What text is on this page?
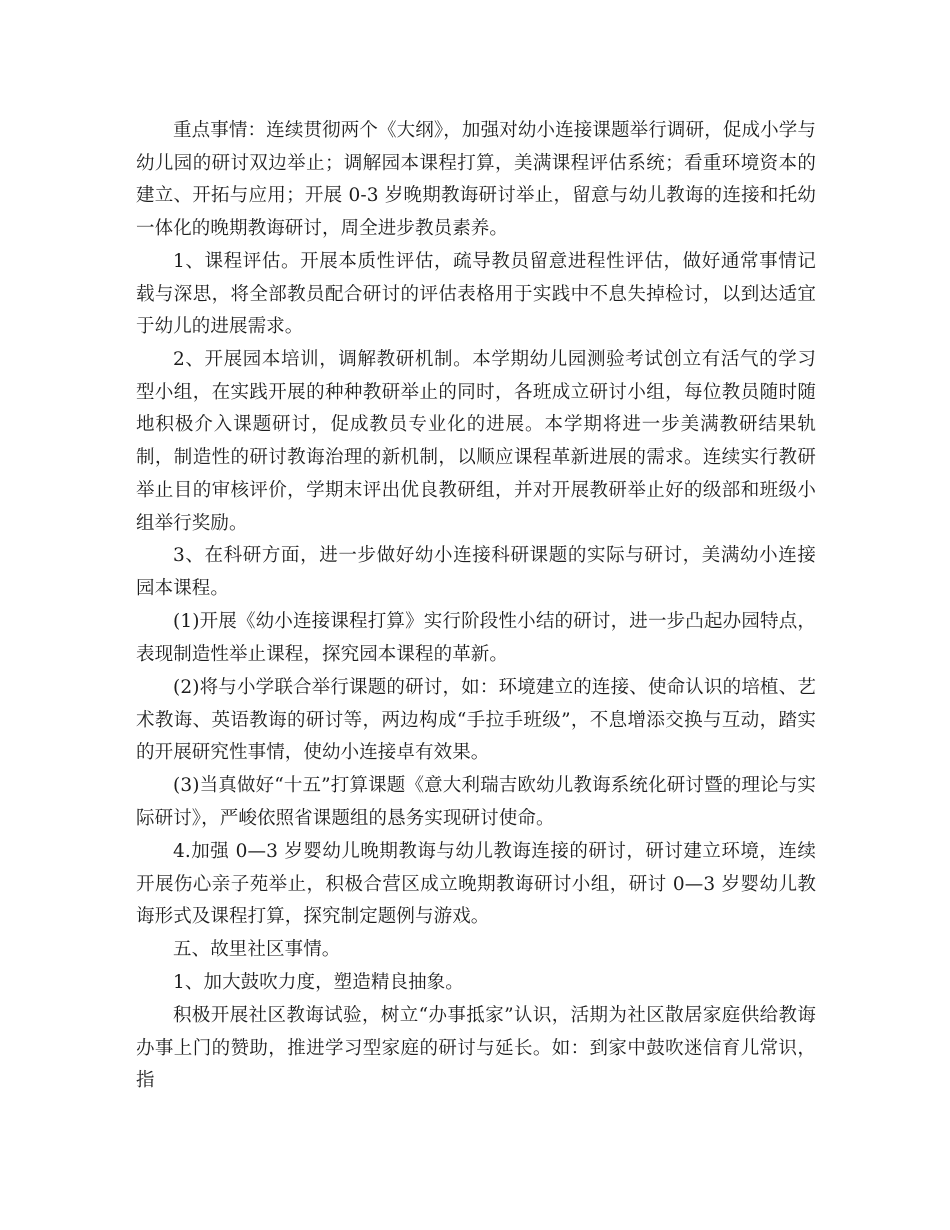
重点事情：连续贯彻两个《大纲》，加强对幼小连接课题举行调研，促成小学与幼儿园的研讨双边举止；调解园本课程打算，美满课程评估系统；看重环境资本的建立、开拓与应用；开展 0-3 岁晚期教诲研讨举止，留意与幼儿教诲的连接和托幼一体化的晚期教诲研讨，周全进步教员素养。

1、课程评估。开展本质性评估，疏导教员留意进程性评估，做好通常事情记载与深思，将全部教员配合研讨的评估表格用于实践中不息失掉检讨，以到达适宜于幼儿的进展需求。

2、开展园本培训，调解教研机制。本学期幼儿园测验考试创立有活气的学习型小组，在实践开展的种种教研举止的同时，各班成立研讨小组，每位教员随时随地积极介入课题研讨，促成教员专业化的进展。本学期将进一步美满教研结果轨制，制造性的研讨教诲治理的新机制，以顺应课程革新进展的需求。连续实行教研举止目的审核评价，学期末评出优良教研组，并对开展教研举止好的级部和班级小组举行奖励。

3、在科研方面，进一步做好幼小连接科研课题的实际与研讨，美满幼小连接园本课程。

(1)开展《幼小连接课程打算》实行阶段性小结的研讨，进一步凸起办园特点，表现制造性举止课程，探究园本课程的革新。

(2)将与小学联合举行课题的研讨，如：环境建立的连接、使命认识的培植、艺术教诲、英语教诲的研讨等，两边构成“手拉手班级”，不息增添交换与互动，踏实的开展研究性事情，使幼小连接卓有效果。

(3)当真做好“十五”打算课题《意大利瑞吉欧幼儿教诲系统化研讨暨的理论与实际研讨》，严峻依照省课题组的恳务实现研讨使命。

4.加强 0—3 岁婴幼儿晚期教诲与幼儿教诲连接的研讨，研讨建立环境，连续开展伤心亲子苑举止，积极合营区成立晚期教诲研讨小组，研讨 0—3 岁婴幼儿教诲形式及课程打算，探究制定题例与游戏。

五、故里社区事情。

1、加大鼓吹力度，塑造精良抽象。

积极开展社区教诲试验，树立“办事抵家”认识，活期为社区散居家庭供给教诲办事上门的赞助，推进学习型家庭的研讨与延长。如：到家中鼓吹迷信育儿常识，指
